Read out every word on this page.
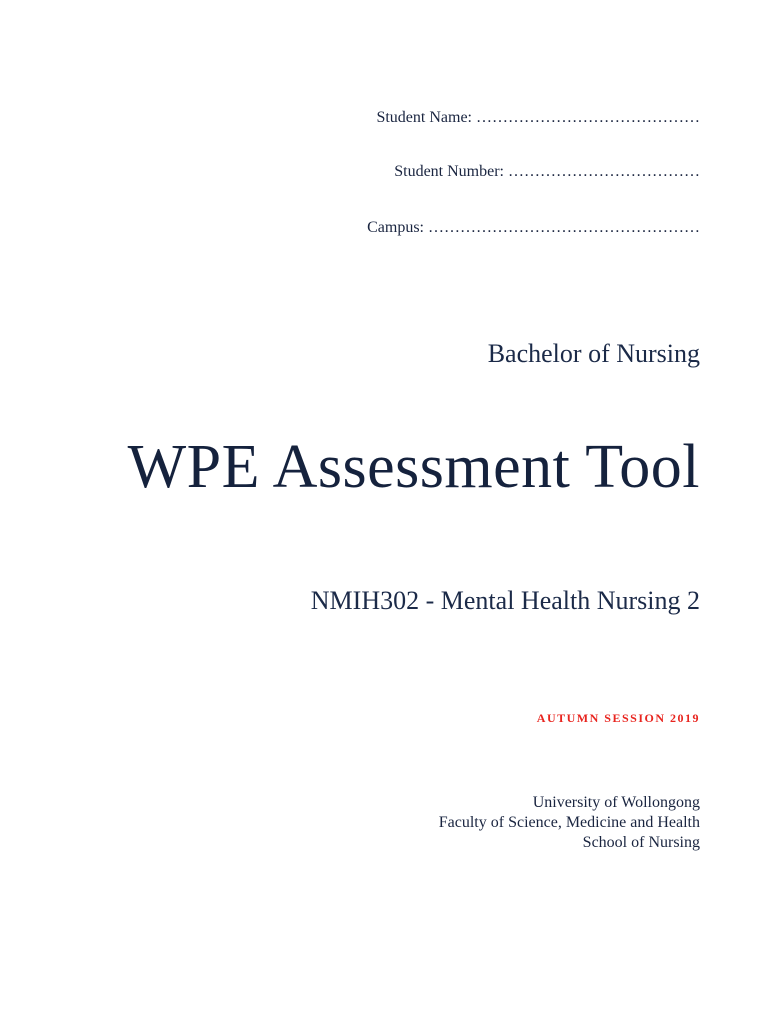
Student Name: ……………………………………
Student Number: ………………………………
Campus: ……………………………………………
Bachelor of Nursing
WPE Assessment Tool
NMIH302 - Mental Health Nursing 2
AUTUMN SESSION 2019
University of Wollongong
Faculty of Science, Medicine and Health
School of Nursing
